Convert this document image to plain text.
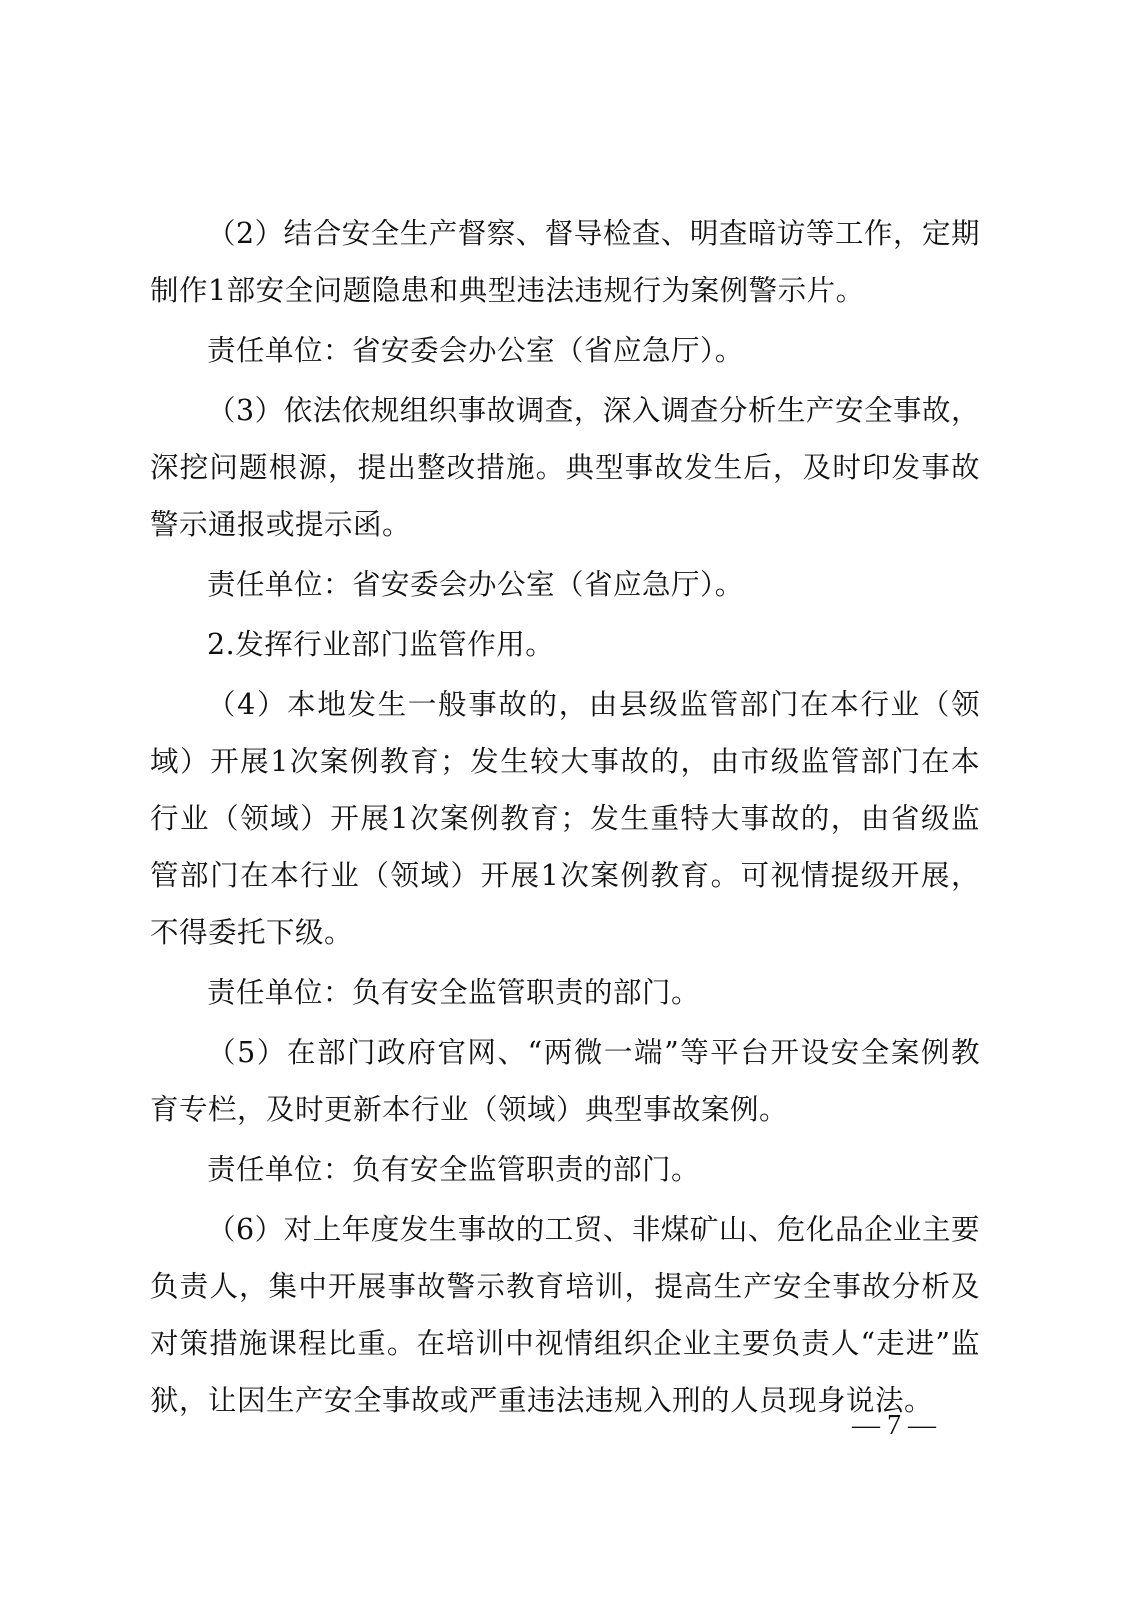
（2）结合安全生产督察、督导检查、明查暗访等工作，定期制作1部安全问题隐患和典型违法违规行为案例警示片。

责任单位：省安委会办公室（省应急厅）。

（3）依法依规组织事故调查，深入调查分析生产安全事故，深挖问题根源，提出整改措施。典型事故发生后，及时印发事故警示通报或提示函。

责任单位：省安委会办公室（省应急厅）。

2.发挥行业部门监管作用。

（4）本地发生一般事故的，由县级监管部门在本行业（领域）开展1次案例教育；发生较大事故的，由市级监管部门在本行业（领域）开展1次案例教育；发生重特大事故的，由省级监管部门在本行业（领域）开展1次案例教育。可视情提级开展，不得委托下级。

责任单位：负有安全监管职责的部门。

（5）在部门政府官网、“两微一端”等平台开设安全案例教育专栏，及时更新本行业（领域）典型事故案例。

责任单位：负有安全监管职责的部门。

（6）对上年度发生事故的工贸、非煤矿山、危化品企业主要负责人，集中开展事故警示教育培训，提高生产安全事故分析及对策措施课程比重。在培训中视情组织企业主要负责人“走进”监狱，让因生产安全事故或严重违法违规入刑的人员现身说法。

— 7 —
